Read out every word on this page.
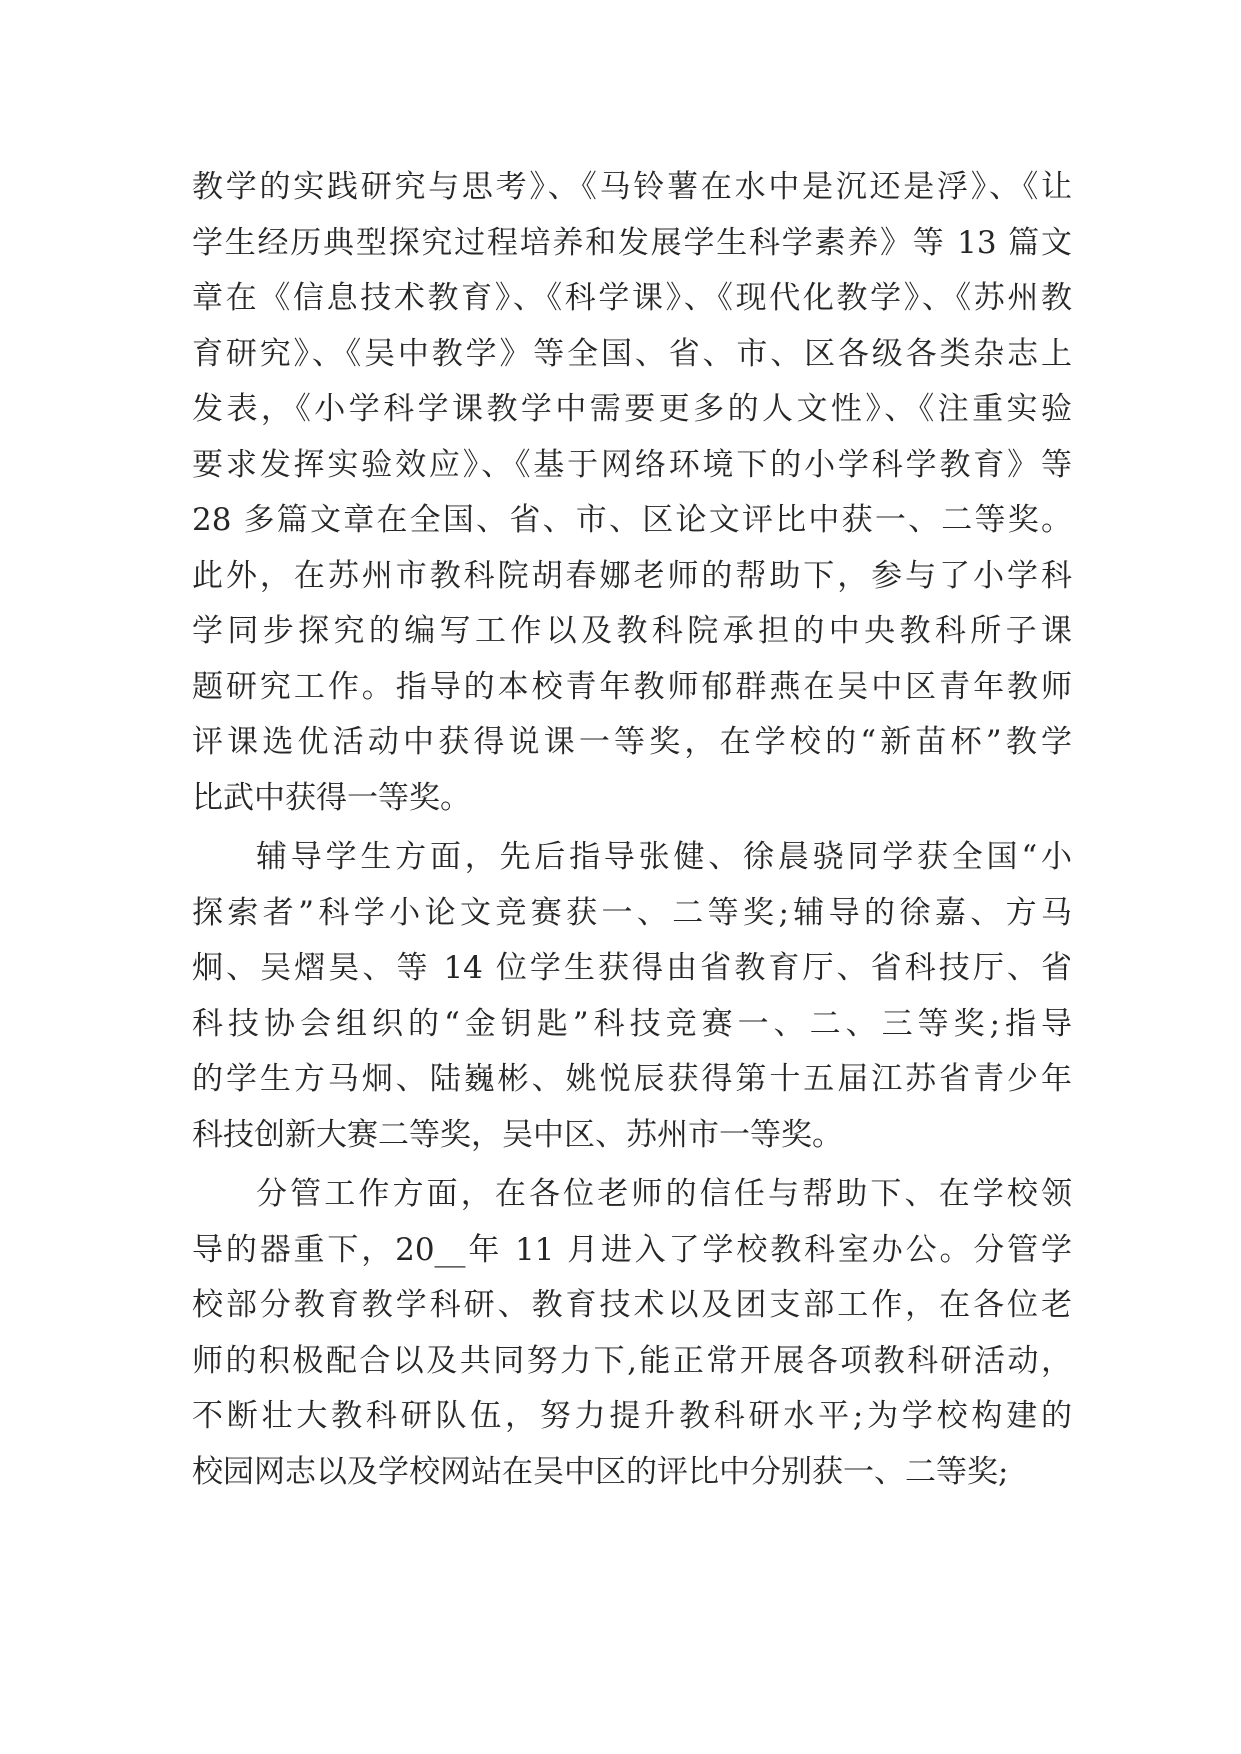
教学的实践研究与思考》、《马铃薯在水中是沉还是浮》、《让
学生经历典型探究过程培养和发展学生科学素养》等 13 篇文
章在《信息技术教育》、《科学课》、《现代化教学》、《苏州教
育研究》、《吴中教学》等全国、省、市、区各级各类杂志上
发表，《小学科学课教学中需要更多的人文性》、《注重实验
要求发挥实验效应》、《基于网络环境下的小学科学教育》等
28 多篇文章在全国、省、市、区论文评比中获一、二等奖。
此外，在苏州市教科院胡春娜老师的帮助下，参与了小学科
学同步探究的编写工作以及教科院承担的中央教科所子课
题研究工作。指导的本校青年教师郁群燕在吴中区青年教师
评课选优活动中获得说课一等奖，在学校的“新苗杯”教学
比武中获得一等奖。
辅导学生方面，先后指导张健、徐晨骁同学获全国“小
探索者”科学小论文竞赛获一、二等奖;辅导的徐嘉、方马
炯、吴熠昊、等 14 位学生获得由省教育厅、省科技厅、省
科技协会组织的“金钥匙”科技竞赛一、二、三等奖;指导
的学生方马炯、陆巍彬、姚悦辰获得第十五届江苏省青少年
科技创新大赛二等奖，吴中区、苏州市一等奖。
分管工作方面，在各位老师的信任与帮助下、在学校领
导的器重下，20__年 11 月进入了学校教科室办公。分管学
校部分教育教学科研、教育技术以及团支部工作，在各位老
师的积极配合以及共同努力下,能正常开展各项教科研活动，
不断壮大教科研队伍，努力提升教科研水平;为学校构建的
校园网志以及学校网站在吴中区的评比中分别获一、二等奖;
